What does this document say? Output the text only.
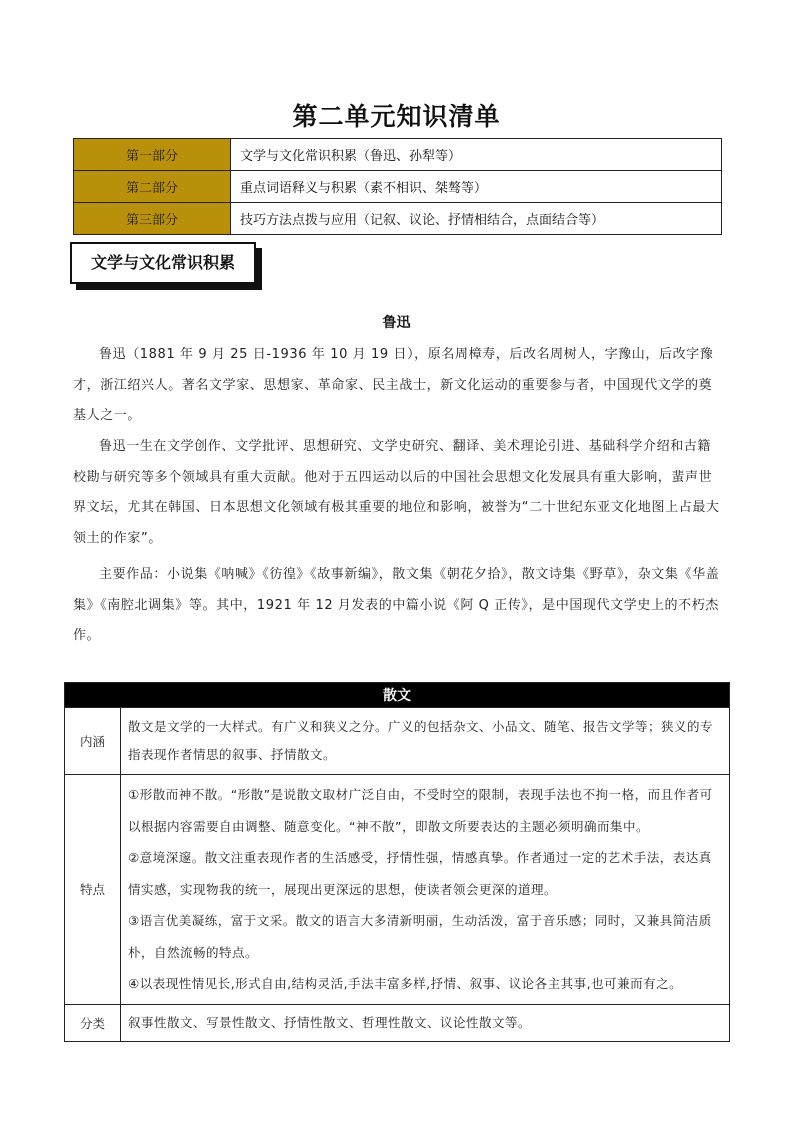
第二单元知识清单
第一部分	文学与文化常识积累（鲁迅、孙犁等）
第二部分	重点词语释义与积累（素不相识、桀骜等）
第三部分	技巧方法点拨与应用（记叙、议论、抒情相结合，点面结合等）
文学与文化常识积累
鲁迅

鲁迅（1881 年 9 月 25 日-1936 年 10 月 19 日），原名周樟寿，后改名周树人，字豫山，后改字豫才，浙江绍兴人。著名文学家、思想家、革命家、民主战士，新文化运动的重要参与者，中国现代文学的奠基人之一。

鲁迅一生在文学创作、文学批评、思想研究、文学史研究、翻译、美术理论引进、基础科学介绍和古籍校勘与研究等多个领域具有重大贡献。他对于五四运动以后的中国社会思想文化发展具有重大影响，蜚声世界文坛，尤其在韩国、日本思想文化领域有极其重要的地位和影响，被誉为“二十世纪东亚文化地图上占最大领土的作家”。

主要作品：小说集《呐喊》《彷徨》《故事新编》，散文集《朝花夕拾》，散文诗集《野草》，杂文集《华盖集》《南腔北调集》等。其中，1921 年 12 月发表的中篇小说《阿 Q 正传》，是中国现代文学史上的不朽杰作。

散文	
内涵	散文是文学的一大样式。有广义和狭义之分。广义的包括杂文、小品文、随笔、报告文学等；狭义的专指表现作者情思的叙事、抒情散文。
特点	①形散而神不散。“形散”是说散文取材广泛自由，不受时空的限制，表现手法也不拘一格，而且作者可以根据内容需要自由调整、随意变化。“神不散”，即散文所要表达的主题必须明确而集中。

②意境深邃。散文注重表现作者的生活感受，抒情性强，情感真挚。作者通过一定的艺术手法，表达真情实感，实现物我的统一，展现出更深远的思想，使读者领会更深的道理。

③语言优美凝练，富于文采。散文的语言大多清新明丽，生动活泼，富于音乐感；同时，又兼具简洁质朴，自然流畅的特点。

④以表现性情见长,形式自由,结构灵活,手法丰富多样,抒情、叙事、议论各主其事,也可兼而有之。

分类	叙事性散文、写景性散文、抒情性散文、哲理性散文、议论性散文等。
